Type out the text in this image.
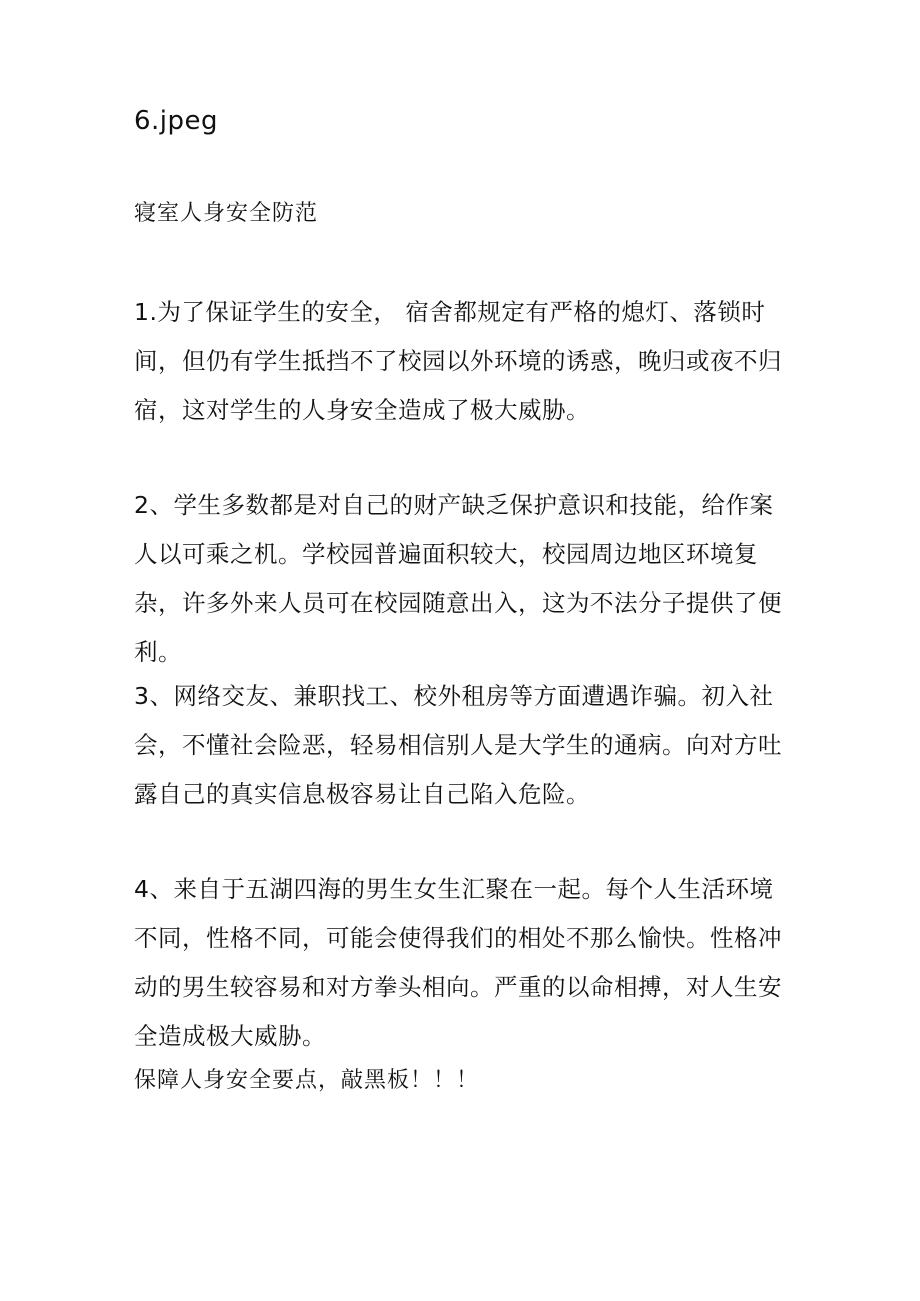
6.jpeg
寝室人身安全防范
1.为了保证学生的安全， 宿舍都规定有严格的熄灯、落锁时间，但仍有学生抵挡不了校园以外环境的诱惑，晚归或夜不归宿，这对学生的人身安全造成了极大威胁。
2、学生多数都是对自己的财产缺乏保护意识和技能，给作案人以可乘之机。学校园普遍面积较大，校园周边地区环境复杂，许多外来人员可在校园随意出入，这为不法分子提供了便利。
3、网络交友、兼职找工、校外租房等方面遭遇诈骗。初入社会，不懂社会险恶，轻易相信别人是大学生的通病。向对方吐露自己的真实信息极容易让自己陷入危险。
4、来自于五湖四海的男生女生汇聚在一起。每个人生活环境不同，性格不同，可能会使得我们的相处不那么愉快。性格冲动的男生较容易和对方拳头相向。严重的以命相搏，对人生安全造成极大威胁。
保障人身安全要点，敲黑板！！！
